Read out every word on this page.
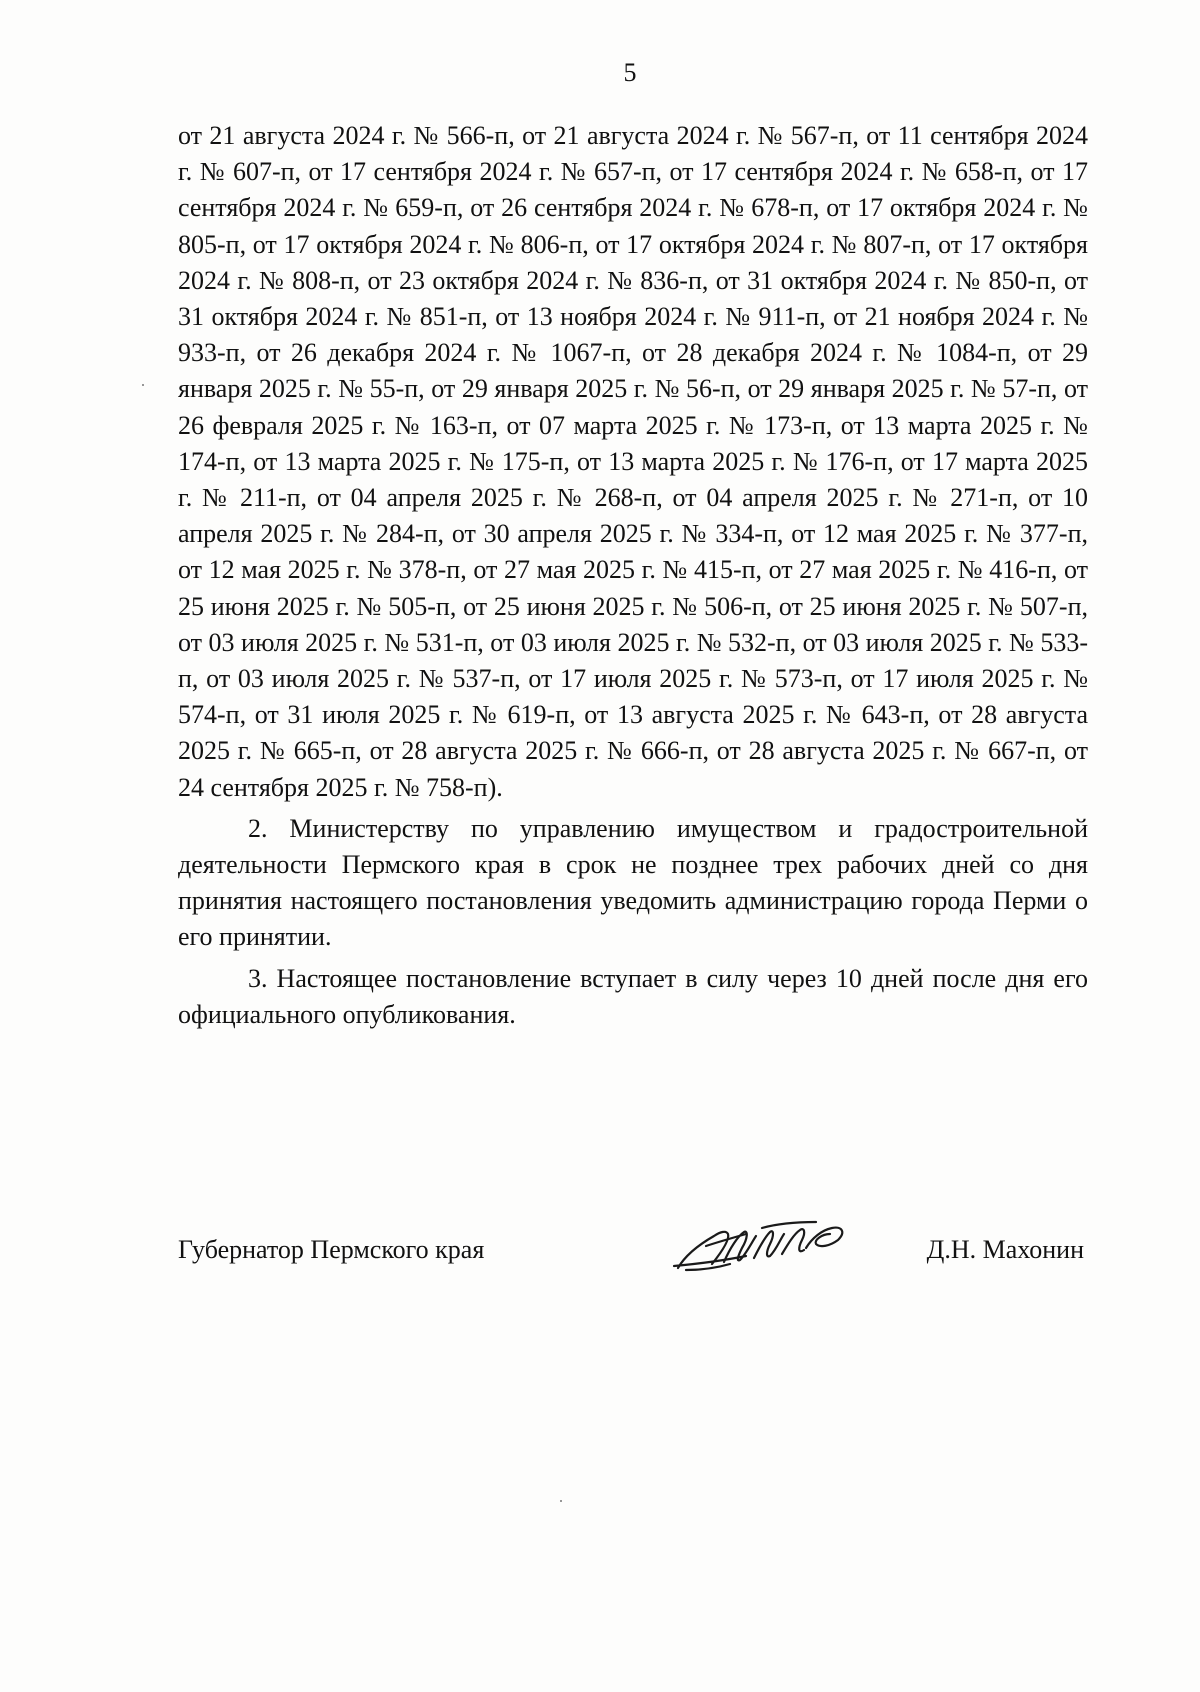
5

от 21 августа 2024 г. № 566-п, от 21 августа 2024 г. № 567-п, от 11 сентября 2024 г. № 607-п, от 17 сентября 2024 г. № 657-п, от 17 сентября 2024 г. № 658-п, от 17 сентября 2024 г. № 659-п, от 26 сентября 2024 г. № 678-п, от 17 октября 2024 г. № 805-п, от 17 октября 2024 г. № 806-п, от 17 октября 2024 г. № 807-п, от 17 октября 2024 г. № 808-п, от 23 октября 2024 г. № 836-п, от 31 октября 2024 г. № 850-п, от 31 октября 2024 г. № 851-п, от 13 ноября 2024 г. № 911-п, от 21 ноября 2024 г. № 933-п, от 26 декабря 2024 г. № 1067-п, от 28 декабря 2024 г. № 1084-п, от 29 января 2025 г. № 55-п, от 29 января 2025 г. № 56-п, от 29 января 2025 г. № 57-п, от 26 февраля 2025 г. № 163-п, от 07 марта 2025 г. № 173-п, от 13 марта 2025 г. № 174-п, от 13 марта 2025 г. № 175-п, от 13 марта 2025 г. № 176-п, от 17 марта 2025 г. № 211-п, от 04 апреля 2025 г. № 268-п, от 04 апреля 2025 г. № 271-п, от 10 апреля 2025 г. № 284-п, от 30 апреля 2025 г. № 334-п, от 12 мая 2025 г. № 377-п, от 12 мая 2025 г. № 378-п, от 27 мая 2025 г. № 415-п, от 27 мая 2025 г. № 416-п, от 25 июня 2025 г. № 505-п, от 25 июня 2025 г. № 506-п, от 25 июня 2025 г. № 507-п, от 03 июля 2025 г. № 531-п, от 03 июля 2025 г. № 532-п, от 03 июля 2025 г. № 533-п, от 03 июля 2025 г. № 537-п, от 17 июля 2025 г. № 573-п, от 17 июля 2025 г. № 574-п, от 31 июля 2025 г. № 619-п, от 13 августа 2025 г. № 643-п, от 28 августа 2025 г. № 665-п, от 28 августа 2025 г. № 666-п, от 28 августа 2025 г. № 667-п, от 24 сентября 2025 г. № 758-п).

2. Министерству по управлению имуществом и градостроительной деятельности Пермского края в срок не позднее трех рабочих дней со дня принятия настоящего постановления уведомить администрацию города Перми о его принятии.

3. Настоящее постановление вступает в силу через 10 дней после дня его официального опубликования.

Губернатор Пермского края	Д.Н. Махонин
